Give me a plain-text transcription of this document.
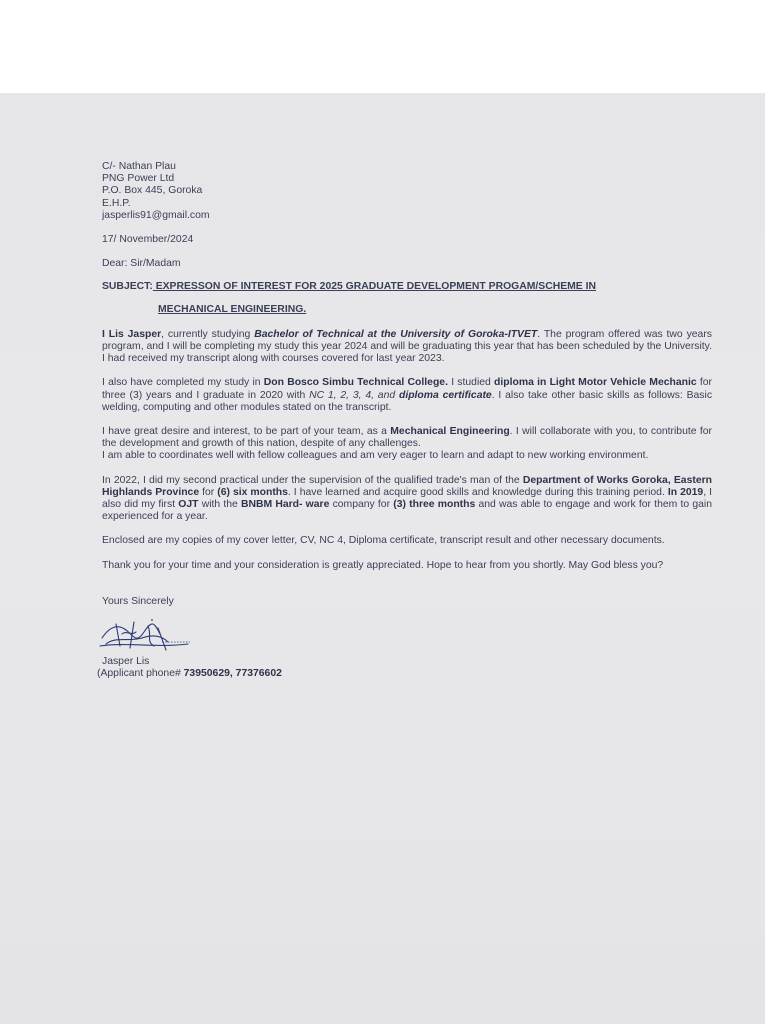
C/- Nathan Plau
PNG Power Ltd
P.O. Box 445, Goroka
E.H.P.
jasperlis91@gmail.com
17/ November/2024
Dear: Sir/Madam
SUBJECT: EXPRESSON OF INTEREST FOR 2025 GRADUATE DEVELOPMENT PROGAM/SCHEME IN
MECHANICAL ENGINEERING.

I Lis Jasper, currently studying Bachelor of Technical at the University of Goroka-ITVET. The program offered was two years program, and I will be completing my study this year 2024 and will be graduating this year that has been scheduled by the University. I had received my transcript along with courses covered for last year 2023.

I also have completed my study in Don Bosco Simbu Technical College. I studied diploma in Light Motor Vehicle Mechanic for three (3) years and I graduate in 2020 with NC 1, 2, 3, 4, and diploma certificate. I also take other basic skills as follows: Basic welding, computing and other modules stated on the transcript.

I have great desire and interest, to be part of your team, as a Mechanical Engineering. I will collaborate with you, to contribute for the development and growth of this nation, despite of any challenges.
I am able to coordinates well with fellow colleagues and am very eager to learn and adapt to new working environment.

In 2022, I did my second practical under the supervision of the qualified trade's man of the Department of Works Goroka, Eastern Highlands Province for (6) six months. I have learned and acquire good skills and knowledge during this training period. In 2019, I also did my first OJT with the BNBM Hard- ware company for (3) three months and was able to engage and work for them to gain experienced for a year.

Enclosed are my copies of my cover letter, CV, NC 4, Diploma certificate, transcript result and other necessary documents.

Thank you for your time and your consideration is greatly appreciated. Hope to hear from you shortly. May God bless you?

Yours Sincerely
Jasper Lis
(Applicant phone# 73950629, 77376602
